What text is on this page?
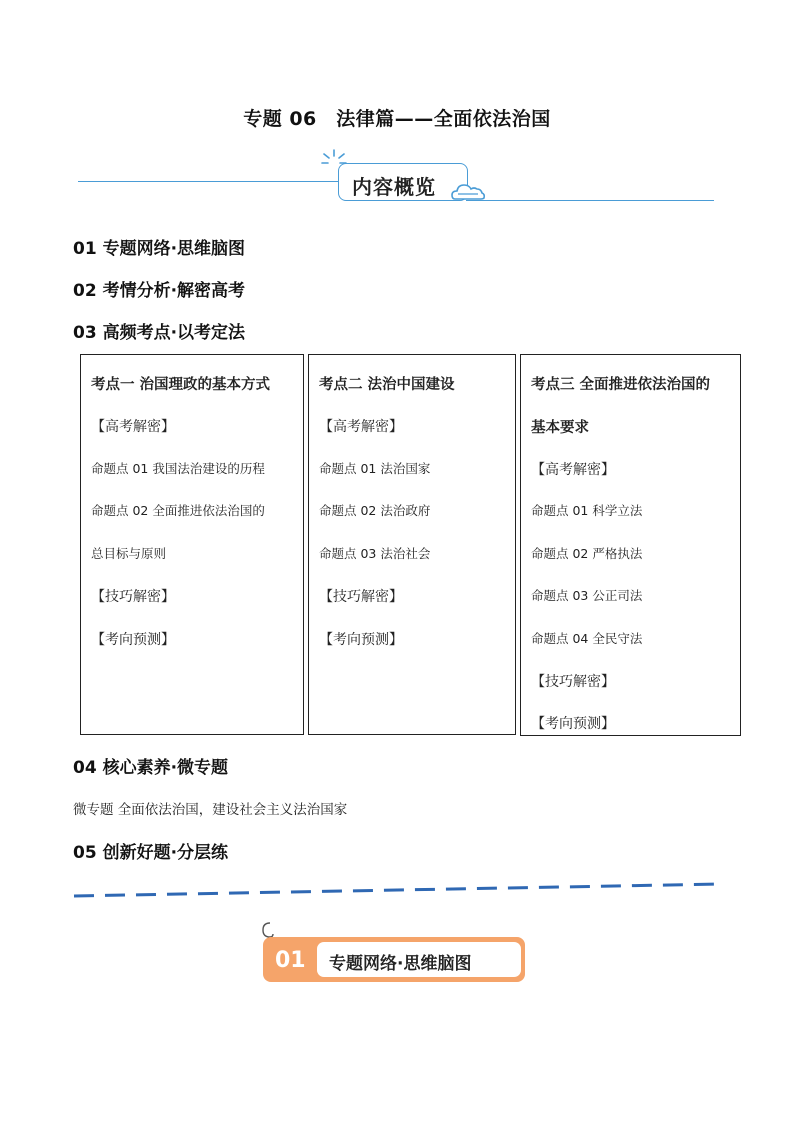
专题 06　法律篇——全面依法治国
内容概览
01 专题网络·思维脑图
02 考情分析·解密高考
03 高频考点·以考定法
考点一 治国理政的基本方式
【高考解密】
命题点 01 我国法治建设的历程
命题点 02 全面推进依法治国的
总目标与原则
【技巧解密】
【考向预测】
考点二 法治中国建设
【高考解密】
命题点 01 法治国家
命题点 02 法治政府
命题点 03 法治社会
【技巧解密】
【考向预测】
考点三 全面推进依法治国的
基本要求
【高考解密】
命题点 01 科学立法
命题点 02 严格执法
命题点 03 公正司法
命题点 04 全民守法
【技巧解密】
【考向预测】
04 核心素养·微专题
微专题 全面依法治国，建设社会主义法治国家
05 创新好题·分层练
01 专题网络·思维脑图
